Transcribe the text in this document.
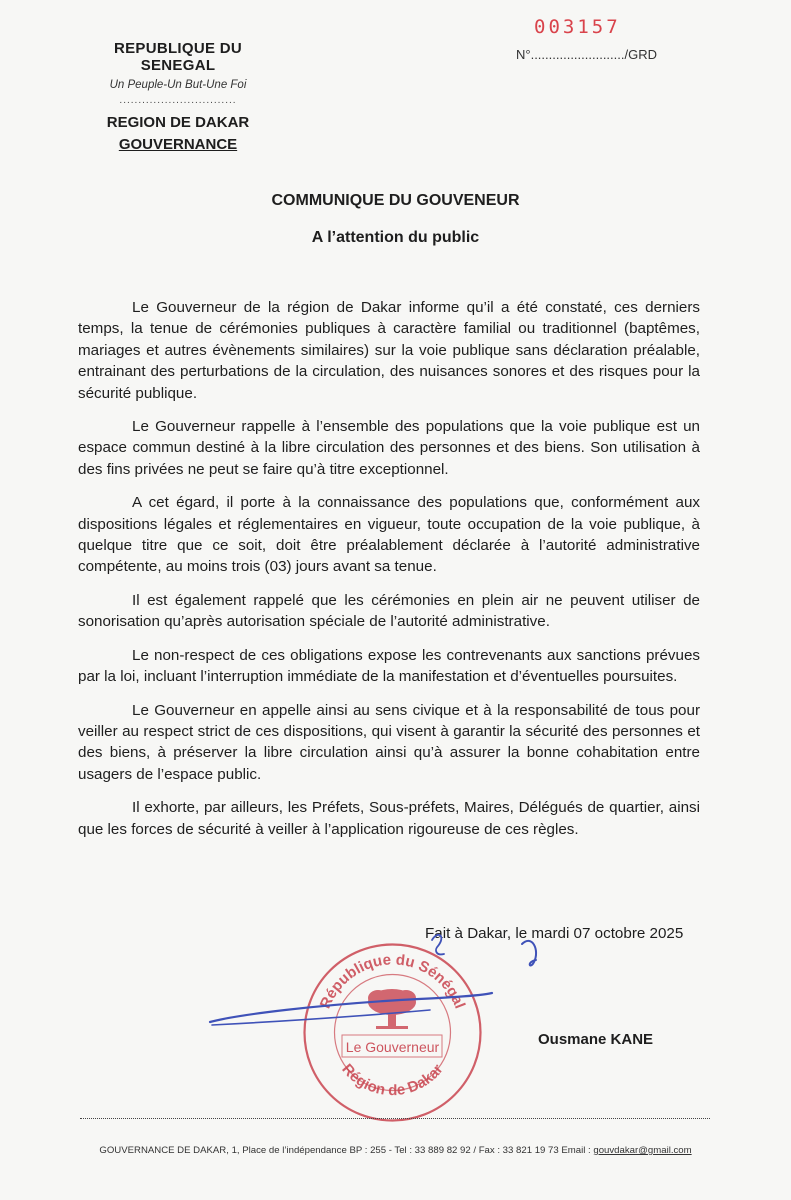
REPUBLIQUE DU SENEGAL
Un Peuple-Un But-Une Foi
...............................
REGION DE DAKAR
GOUVERNANCE
003157
N°........................../GRD
COMMUNIQUE DU GOUVENEUR
A l’attention du public

Le Gouverneur de la région de Dakar informe qu’il a été constaté, ces derniers temps, la tenue de cérémonies publiques à caractère familial ou traditionnel (baptêmes, mariages et autres évènements similaires) sur la voie publique sans déclaration préalable, entrainant des perturbations de la circulation, des nuisances sonores et des risques pour la sécurité publique.

Le Gouverneur rappelle à l’ensemble des populations que la voie publique est un espace commun destiné à la libre circulation des personnes et des biens. Son utilisation à des fins privées ne peut se faire qu’à titre exceptionnel.

A cet égard, il porte à la connaissance des populations que, conformément aux dispositions légales et réglementaires en vigueur, toute occupation de la voie publique, à quelque titre que ce soit, doit être préalablement déclarée à l’autorité administrative compétente, au moins trois (03) jours avant sa tenue.

Il est également rappelé que les cérémonies en plein air ne peuvent utiliser de sonorisation qu’après autorisation spéciale de l’autorité administrative.

Le non-respect de ces obligations expose les contrevenants aux sanctions prévues par la loi, incluant l’interruption immédiate de la manifestation et d’éventuelles poursuites.

Le Gouverneur en appelle ainsi au sens civique et à la responsabilité de tous pour veiller au respect strict de ces dispositions, qui visent à garantir la sécurité des personnes et des biens, à préserver la libre circulation ainsi qu’à assurer la bonne cohabitation entre usagers de l’espace public.

Il exhorte, par ailleurs, les Préfets, Sous-préfets, Maires, Délégués de quartier, ainsi que les forces de sécurité à veiller à l’application rigoureuse de ces règles.

Fait à Dakar, le mardi 07 octobre 2025
République du Sénégal
Région de Dakar
Le Gouverneur	Ousmane KANE
GOUVERNANCE DE DAKAR, 1, Place de l’indépendance BP : 255 - Tel : 33 889 82 92 / Fax : 33 821 19 73 Email : gouvdakar@gmail.com
